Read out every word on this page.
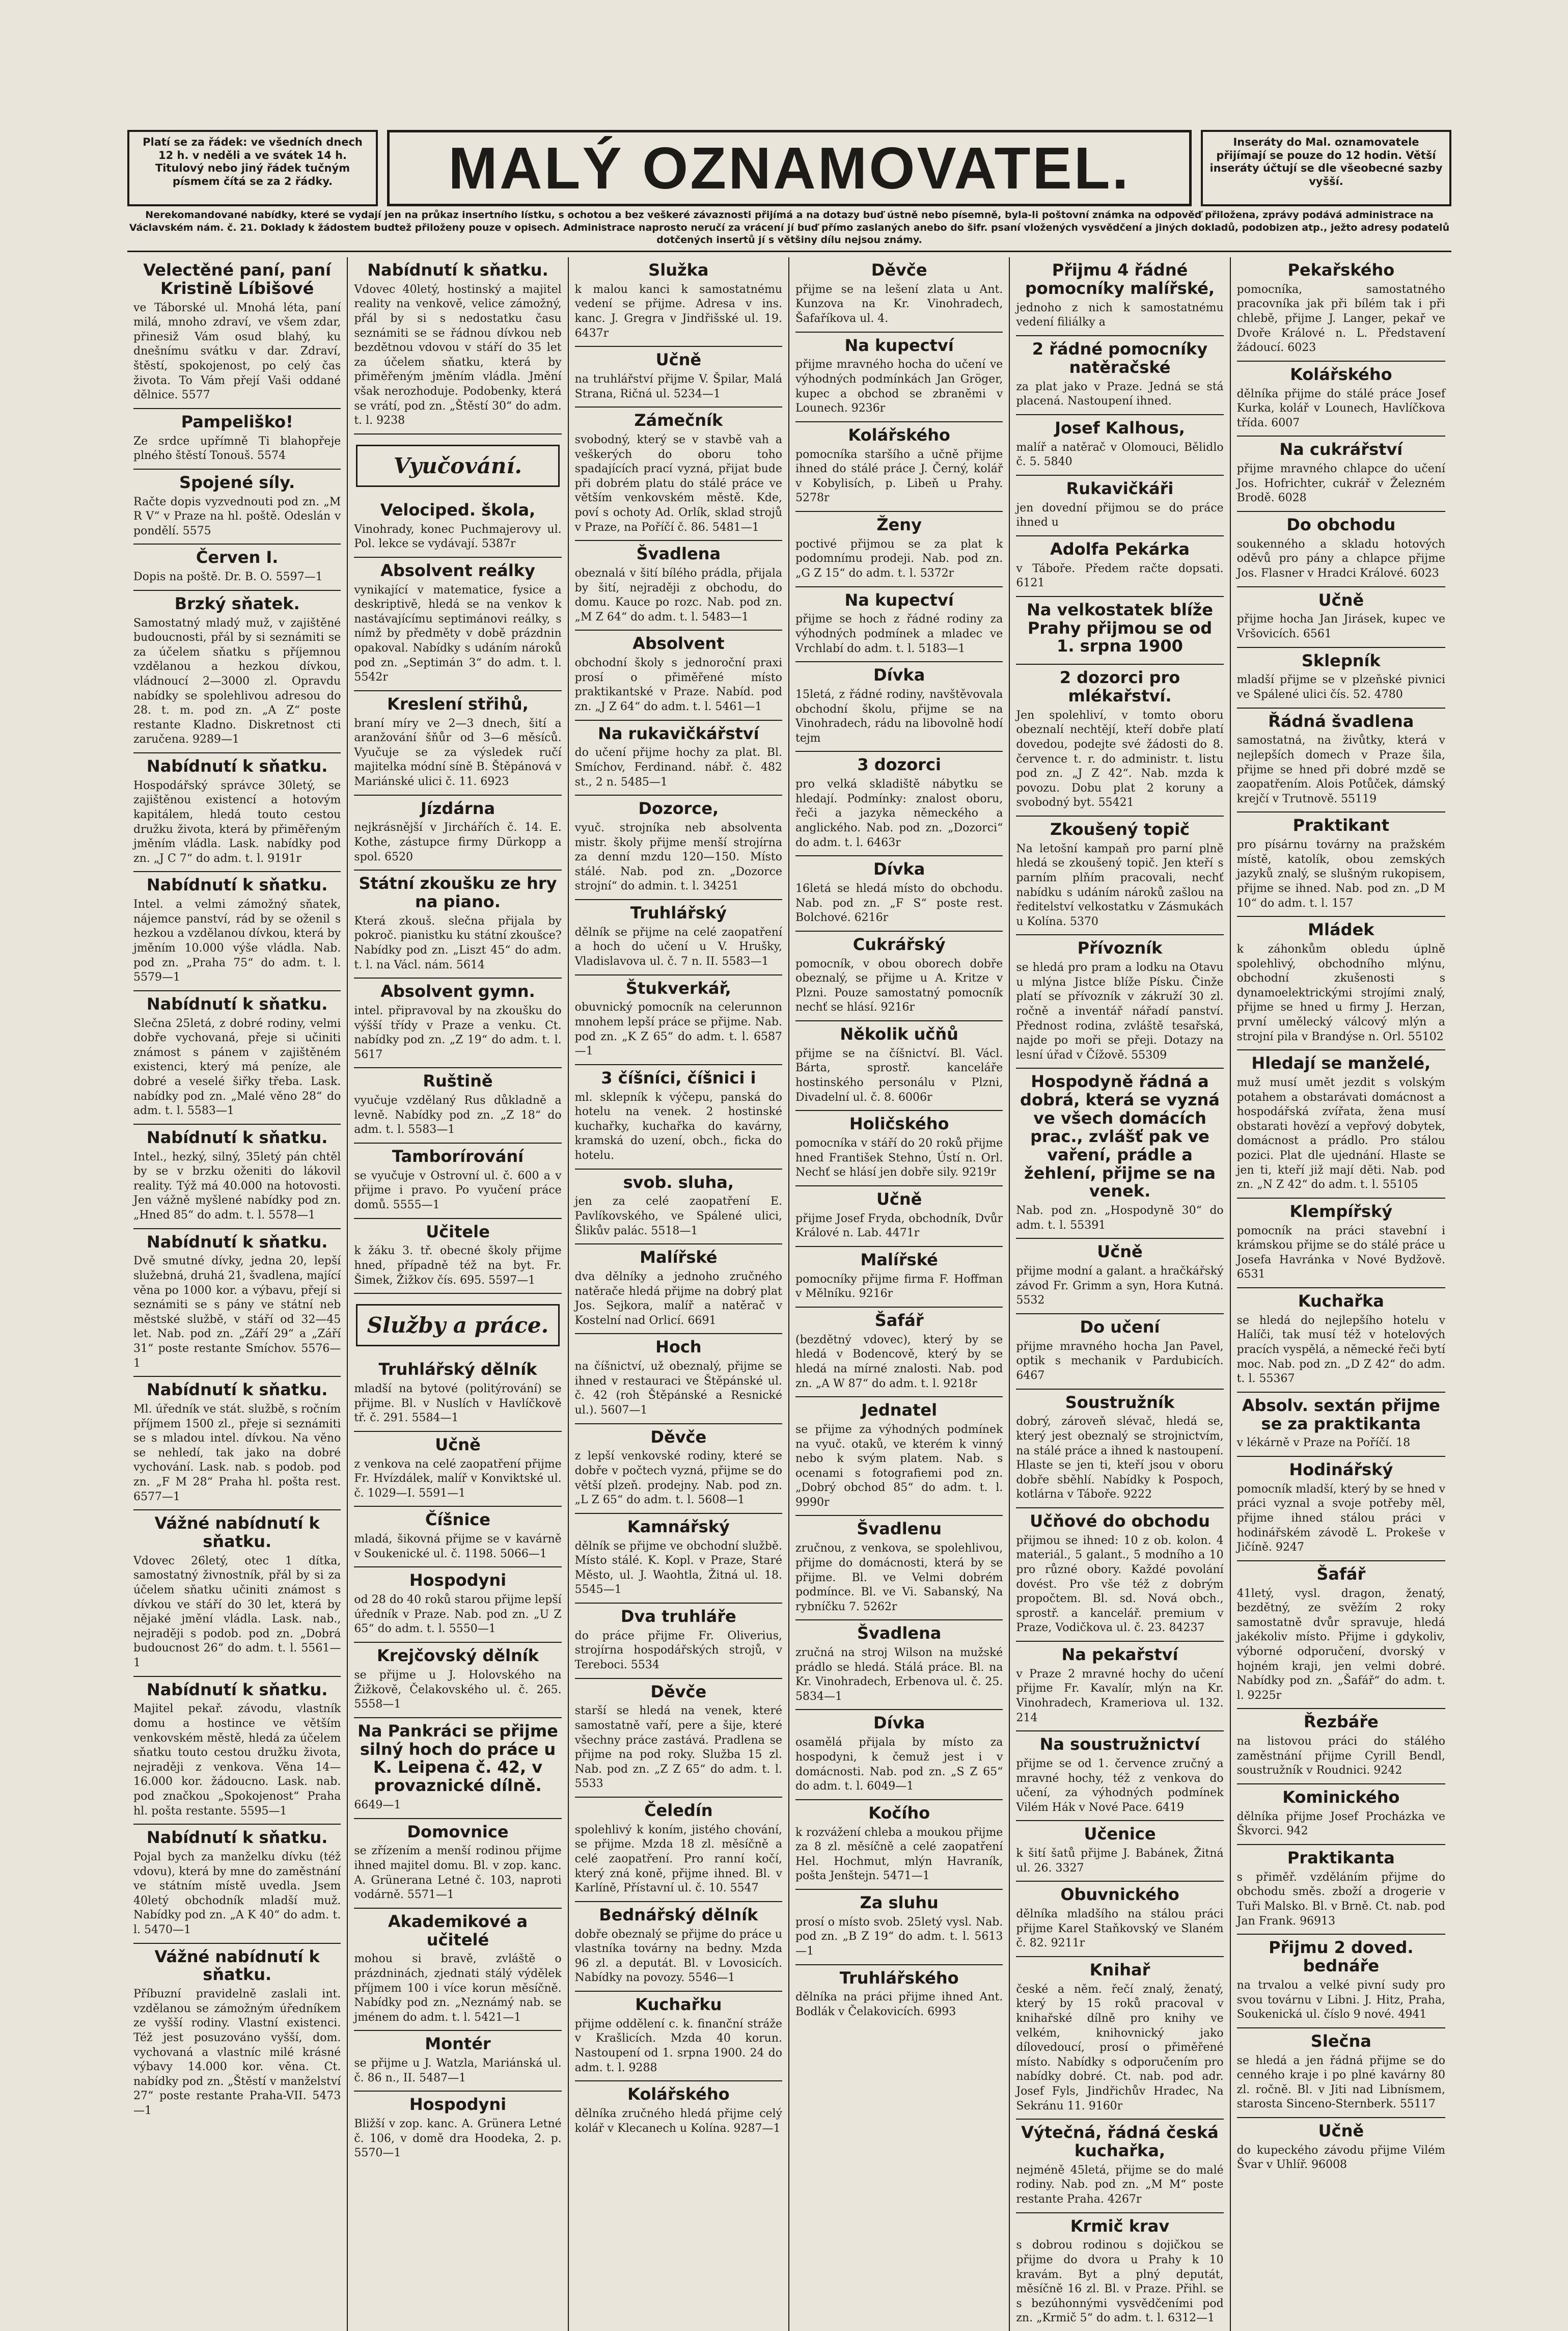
Platí se za řádek: ve všedních dnech 12 h. v neděli a ve svátek 14 h. Titulový nebo jiný řádek tučným písmem čítá se za 2 řádky.	MALÝ OZNAMOVATEL.	Inseráty do Mal. oznamovatele přijímají se pouze do 12 hodin. Větší inseráty účtují se dle všeobecné sazby vyšší.
Nerekomandované nabídky, které se vydají jen na průkaz insertního lístku, s ochotou a bez veškeré závaznosti přijímá a na dotazy buď ústně nebo písemně, byla-li poštovní známka na odpověď přiložena, zprávy podává administrace na Václavském nám. č. 21. Doklady k žádostem budtež přiloženy pouze v opisech. Administrace naprosto neručí za vrácení jí buď přímo zaslaných anebo do šifr. psaní vložených vysvědčení a jiných dokladů, podobizen atp., ježto adresy podatelů dotčených insertů jí s většiny dílu nejsou známy.
Velectěné paní, paní Kristině Líbišové

ve Táborské ul. Mnohá léta, paní milá, mnoho zdraví, ve všem zdar, přinesiž Vám osud blahý, ku dnešnímu svátku v dar. Zdraví, štěstí, spokojenost, po celý čas života. To Vám přejí Vaši oddané dělnice. 5577

Pampeliško!

Ze srdce upřímně Ti blahopřeje plného štěstí Tonouš. 5574

Spojené síly.

Račte dopis vyzvednouti pod zn. „M R V“ v Praze na hl. poště. Odeslán v pondělí. 5575

Červen I.

Dopis na poště. Dr. B. O. 5597—1

Brzký sňatek.

Samostatný mladý muž, v zajištěné budoucnosti, přál by si seznámiti se za účelem sňatku s příjemnou vzdělanou a hezkou dívkou, vládnoucí 2—3000 zl. Opravdu nabídky se spolehlivou adresou do 28. t. m. pod zn. „A Z“ poste restante Kladno. Diskretnost cti zaručena. 9289—1

Nabídnutí k sňatku.

Hospodářský správce 30letý, se zajištěnou existencí a hotovým kapitálem, hledá touto cestou družku života, která by přiměřeným jměním vládla. Lask. nabídky pod zn. „J C 7“ do adm. t. l. 9191r

Nabídnutí k sňatku.

Intel. a velmi zámožný sňatek, nájemce panství, rád by se oženil s hezkou a vzdělanou dívkou, která by jměním 10.000 výše vládla. Nab. pod zn. „Praha 75“ do adm. t. l. 5579—1

Nabídnutí k sňatku.

Slečna 25letá, z dobré rodiny, velmi dobře vychovaná, přeje si učiniti známost s pánem v zajištěném existenci, který má peníze, ale dobré a veselé šiřky třeba. Lask. nabídky pod zn. „Malé věno 28“ do adm. t. l. 5583—1

Nabídnutí k sňatku.

Intel., hezký, silný, 35letý pán chtěl by se v brzku oženiti do lákovil reality. Týž má 40.000 na hotovosti. Jen vážně myšlené nabídky pod zn. „Hned 85“ do adm. t. l. 5578—1

Nabídnutí k sňatku.

Dvě smutné dívky, jedna 20, lepší služebná, druhá 21, švadlena, mající věna po 1000 kor. a výbavu, přejí si seznámiti se s pány ve státní neb městské službě, v stáří od 32—45 let. Nab. pod zn. „Září 29“ a „Září 31“ poste restante Smíchov. 5576—1

Nabídnutí k sňatku.

Ml. úředník ve stát. službě, s ročním příjmem 1500 zl., přeje si seznámiti se s mladou intel. dívkou. Na věno se nehledí, tak jako na dobré vychování. Lask. nab. s podob. pod zn. „F M 28“ Praha hl. pošta rest. 6577—1

Vážné nabídnutí k sňatku.

Vdovec 26letý, otec 1 dítka, samostatný živnostník, přál by si za účelem sňatku učiniti známost s dívkou ve stáří do 30 let, která by nějaké jmění vládla. Lask. nab., nejraději s podob. pod zn. „Dobrá budoucnost 26“ do adm. t. l. 5561—1

Nabídnutí k sňatku.

Majitel pekař. závodu, vlastník domu a hostince ve větším venkovském městě, hledá za účelem sňatku touto cestou družku života, nejraději z venkova. Věna 14—16.000 kor. žádoucno. Lask. nab. pod značkou „Spokojenost“ Praha hl. pošta restante. 5595—1

Nabídnutí k sňatku.

Pojal bych za manželku dívku (též vdovu), která by mne do zaměstnání ve státním místě uvedla. Jsem 40letý obchodník mladší muž. Nabídky pod zn. „A K 40“ do adm. t. l. 5470—1

Vážné nabídnutí k sňatku.

Příbuzní pravidelně zaslali int. vzdělanou se zámožným úředníkem ze vyšší rodiny. Vlastní existenci. Též jest posuzováno vyšší, dom. vychovaná a vlastníc milé krásné výbavy 14.000 kor. věna. Ct. nabídky pod zn. „Štěstí v manželství 27“ poste restante Praha-VII. 5473—1

Nabídnutí k sňatku.

Vdovec 40letý, hostinský a majitel reality na venkově, velice zámožný, přál by si s nedostatku času seznámiti se se řádnou dívkou neb bezdětnou vdovou v stáří do 35 let za účelem sňatku, která by přiměřeným jměním vládla. Jmění však nerozhoduje. Podobenky, která se vrátí, pod zn. „Štěstí 30“ do adm. t. l. 9238

Vyučování.
Velociped. škola,

Vinohrady, konec Puchmajerovy ul. Pol. lekce se vydávají. 5387r

Absolvent reálky

vynikající v matematice, fysice a deskriptivě, hledá se na venkov k nastávajícímu septimánovi reálky, s nímž by předměty v době prázdnin opakoval. Nabídky s udáním nároků pod zn. „Septimán 3“ do adm. t. l. 5542r

Kreslení střihů,

braní míry ve 2—3 dnech, šití a aranžování šňůr od 3—6 měsíců. Vyučuje se za výsledek ručí majitelka módní síně B. Štěpánová v Mariánské ulici č. 11. 6923

Jízdárna

nejkrásnější v Jirchářích č. 14. E. Kothe, zástupce firmy Dürkopp a spol. 6520

Státní zkoušku ze hry na piano.

Která zkouš. slečna přijala by pokroč. pianistku ku státní zkoušce? Nabídky pod zn. „Liszt 45“ do adm. t. l. na Václ. nám. 5614

Absolvent gymn.

intel. připravoval by na zkoušku do výšší třídy v Praze a venku. Ct. nabídky pod zn. „Z 19“ do adm. t. l. 5617

Ruštině

vyučuje vzdělaný Rus důkladně a levně. Nabídky pod zn. „Z 18“ do adm. t. l. 5583—1

Tamborírování

se vyučuje v Ostrovní ul. č. 600 a v přijme i pravo. Po vyučení práce domů. 5555—1

Učitele

k žáku 3. tř. obecné školy přijme hned, případně též na byt. Fr. Šimek, Žižkov čís. 695. 5597—1

Služby a práce.
Truhlářský dělník

mladší na bytové (politýrování) se přijme. Bl. v Nuslích v Havlíčkově tř. č. 291. 5584—1

Učně

z venkova na celé zaopatření přijme Fr. Hvízdálek, malíř v Konviktské ul. č. 1029—I. 5591—1

Číšnice

mladá, šikovná přijme se v kavárně v Soukenické ul. č. 1198. 5066—1

Hospodyni

od 28 do 40 roků starou přijme lepší úředník v Praze. Nab. pod zn. „U Z 65“ do adm. t. l. 5550—1

Krejčovský dělník

se přijme u J. Holovského na Žižkově, Čelakovského ul. č. 265. 5558—1

Na Pankráci se přijme silný hoch do práce u K. Leipena č. 42, v provaznické dílně.

6649—1

Domovnice

se zřízením a menší rodinou přijme ihned majitel domu. Bl. v zop. kanc. A. Grünerana Letné č. 103, naproti vodárně. 5571—1

Akademikové a učitelé

mohou si bravě, zvláště o prázdninách, zjednati stálý výdělek příjmem 100 i více korun měsíčně. Nabídky pod zn. „Neznámý nab. se jménem do adm. t. l. 5421—1

Montér

se přijme u J. Watzla, Mariánská ul. č. 86 n., II. 5487—1

Hospodyni

Bližší v zop. kanc. A. Grünera Letné č. 106, v domě dra Hoodeka, 2. p. 5570—1

Služka

k malou kanci k samostatnému vedení se přijme. Adresa v ins. kanc. J. Gregra v Jindřišské ul. 19. 6437r

Učně

na truhlářství přijme V. Špilar, Malá Strana, Ričná ul. 5234—1

Zámečník

svobodný, který se v stavbě vah a veškerých do oboru toho spadajících prací vyzná, přijat bude při dobrém platu do stálé práce ve větším venkovském městě. Kde, poví s ochoty Ad. Orlík, sklad strojů v Praze, na Poříčí č. 86. 5481—1

Švadlena

obeznalá v šití bílého prádla, přijala by šití, nejraději z obchodu, do domu. Kauce po rozc. Nab. pod zn. „M Z 64“ do adm. t. l. 5483—1

Absolvent

obchodní školy s jednoroční praxi prosí o přiměřené místo praktikantské v Praze. Nabíd. pod zn. „J Z 64“ do adm. t. l. 5461—1

Na rukavičkářství

do učení přijme hochy za plat. Bl. Smíchov, Ferdinand. nábř. č. 482 st., 2 n. 5485—1

Dozorce,

vyuč. strojníka neb absolventa mistr. školy přijme menší strojírna za denní mzdu 120—150. Místo stálé. Nab. pod zn. „Dozorce strojní“ do admin. t. l. 34251

Truhlářský

dělník se přijme na celé zaopatření a hoch do učení u V. Hrušky, Vladislavova ul. č. 7 n. II. 5583—1

Štukverkář,

obuvnický pomocník na celerunnon mnohem lepší práce se přijme. Nab. pod zn. „K Z 65“ do adm. t. l. 6587—1

3 číšníci, číšnici i

ml. sklepník k výčepu, panská do hotelu na venek. 2 hostinské kuchařky, kuchařka do kavárny, kramská do uzení, obch., ficka do hotelu.

svob. sluha,

jen za celé zaopatření E. Pavlíkovského, ve Spálené ulici, Šlikův palác. 5518—1

Malířské

dva dělníky a jednoho zručného natěrače hledá přijme na dobrý plat Jos. Sejkora, malíř a natěrač v Kostelní nad Orlicí. 6691

Hoch

na číšnictví, už obeznalý, přijme se ihned v restauraci ve Štěpánské ul. č. 42 (roh Štěpánské a Resnické ul.). 5607—1

Děvče

z lepší venkovské rodiny, které se dobře v počtech vyzná, přijme se do větší plzeň. prodejny. Nab. pod zn. „L Z 65“ do adm. t. l. 5608—1

Kamnářský

dělník se přijme ve obchodní službě. Místo stálé. K. Kopl. v Praze, Staré Město, ul. J. Waohtla, Žitná ul. 18. 5545—1

Dva truhláře

do práce přijme Fr. Oliverius, strojírna hospodářských strojů, v Tereboci. 5534

Děvče

starší se hledá na venek, které samostatně vaří, pere a šije, které všechny práce zastává. Pradlena se přijme na pod roky. Služba 15 zl. Nab. pod zn. „Z Z 65“ do adm. t. l. 5533

Čeledín

spolehlivý k koním, jistého chování, se přijme. Mzda 18 zl. měsíčně a celé zaopatření. Pro ranní kočí, který zná koně, přijme ihned. Bl. v Karlíně, Přístavní ul. č. 10. 5547

Bednářský dělník

dobře obeznalý se přijme do práce u vlastníka továrny na bedny. Mzda 96 zl. a deputát. Bl. v Lovosicích. Nabídky na povozy. 5546—1

Kuchařku

přijme oddělení c. k. finanční stráže v Krašlicích. Mzda 40 korun. Nastoupení od 1. srpna 1900. 24 do adm. t. l. 9288

Kolářského

dělníka zručného hledá přijme celý kolář v Klecanech u Kolína. 9287—1

Děvče

přijme se na lešení zlata u Ant. Kunzova na Kr. Vinohradech, Šafaříkova ul. 4.

Na kupectví

přijme mravného hocha do učení ve výhodných podmínkách Jan Gröger, kupec a obchod se zbraněmi v Lounech. 9236r

Kolářského

pomocníka staršího a učně přijme ihned do stálé práce J. Černý, kolář v Kobylisích, p. Libeň u Prahy. 5278r

Ženy

poctivé přijmou se za plat k podomnímu prodeji. Nab. pod zn. „G Z 15“ do adm. t. l. 5372r

Na kupectví

přijme se hoch z řádné rodiny za výhodných podmínek a mladec ve Vrchlabí do adm. t. l. 5183—1

Dívka

15letá, z řádné rodiny, navštěvovala obchodní školu, přijme se na Vinohradech, rádu na libovolně hodí tejm

3 dozorci

pro velká skladiště nábytku se hledají. Podmínky: znalost oboru, řeči a jazyka německého a anglického. Nab. pod zn. „Dozorci“ do adm. t. l. 6463r

Dívka

16letá se hledá místo do obchodu. Nab. pod zn. „F S“ poste rest. Bolchové. 6216r

Cukrářský

pomocník, v obou oborech dobře obeznalý, se přijme u A. Kritze v Plzni. Pouze samostatný pomocník nechť se hlásí. 9216r

Několik učňů

přijme se na číšnictví. Bl. Václ. Bárta, sprostř. kanceláře hostinského personálu v Plzni, Divadelní ul. č. 8. 6006r

Holičského

pomocníka v stáří do 20 roků přijme hned František Stehno, Ústí n. Orl. Nechť se hlásí jen dobře sily. 9219r

Učně

přijme Josef Fryda, obchodník, Dvůr Králové n. Lab. 4471r

Malířské

pomocníky přijme firma F. Hoffman v Mělníku. 9216r

Šafář

(bezdětný vdovec), který by se hledá v Bodencově, který by se hledá na mírné znalosti. Nab. pod zn. „A W 87“ do adm. t. l. 9218r

Jednatel

se přijme za výhodných podmínek na vyuč. otaků, ve kterém k vinný nebo k svým platem. Nab. s ocenami s fotografiemi pod zn. „Dobrý obchod 85“ do adm. t. l. 9990r

Švadlenu

zručnou, z venkova, se spolehlivou, přijme do domácnosti, která by se přijme. Bl. ve Velmi dobrém podmínce. Bl. ve Vi. Sabanský, Na rybníčku 7. 5262r

Švadlena

zručná na stroj Wilson na mužské prádlo se hledá. Stálá práce. Bl. na Kr. Vinohradech, Erbenova ul. č. 25. 5834—1

Dívka

osamělá přijala by místo za hospodyni, k čemuž jest i v domácnosti. Nab. pod zn. „S Z 65“ do adm. t. l. 6049—1

Kočího

k rozvážení chleba a moukou přijme za 8 zl. měsíčně a celé zaopatření Hel. Hochmut, mlýn Havraník, pošta Jenštejn. 5471—1

Za sluhu

prosí o místo svob. 25letý vysl. Nab. pod zn. „B Z 19“ do adm. t. l. 5613—1

Truhlářského

dělníka na práci přijme ihned Ant. Bodlák v Čelakovicích. 6993

Přijmu 4 řádné pomocníky malířské,

jednoho z nich k samostatnému vedení filiálky a

2 řádné pomocníky natěračské

za plat jako v Praze. Jedná se stá placená. Nastoupení ihned.

Josef Kalhous,

malíř a natěrač v Olomouci, Bělidlo č. 5. 5840

Rukavičkáři

jen dovední přijmou se do práce ihned u

Adolfa Pekárka

v Táboře. Předem račte dopsati. 6121

Na velkostatek blíže Prahy přijmou se od 1. srpna 1900
2 dozorci pro mlékařství.

Jen spolehliví, v tomto oboru obeznalí nechtějí, kteří dobře platí dovedou, podejte své žádosti do 8. července t. r. do administr. t. listu pod zn. „J Z 42“. Nab. mzda k povozu. Dobu plat 2 koruny a svobodný byt. 55421

Zkoušený topič

Na letošní kampaň pro parní plně hledá se zkoušený topič. Jen kteří s parním plňím pracovali, nechť nabídku s udáním nároků zašlou na ředitelství velkostatku v Zásmukách u Kolína. 5370

Přívozník

se hledá pro pram a lodku na Otavu u mlýna Jistce blíže Písku. Činže platí se přívozník v zákruží 30 zl. ročně a inventář nářadí panství. Přednost rodina, zvláště tesařská, najde po moři se přeji. Dotazy na lesní úřad v Čížově. 55309

Hospodyně řádná a dobrá, která se vyzná ve všech domácích prac., zvlášť pak ve vaření, prádle a žehlení, přijme se na venek.

Nab. pod zn. „Hospodyně 30“ do adm. t. l. 55391

Učně

přijme modní a galant. a hračkářský závod Fr. Grimm a syn, Hora Kutná. 5532

Do učení

přijme mravného hocha Jan Pavel, optik s mechanik v Pardubicích. 6467

Soustružník

dobrý, zároveň slévač, hledá se, který jest obeznalý se strojnictvím, na stálé práce a ihned k nastoupení. Hlaste se jen ti, kteří jsou v oboru dobře sběhlí. Nabídky k Pospoch, kotlárna v Táboře. 9222

Učňové do obchodu

přijmou se ihned: 10 z ob. kolon. 4 materiál., 5 galant., 5 modního a 10 pro různé obory. Každé povolání dovést. Pro vše též z dobrým propočtem. Bl. sd. Nová obch., sprostř. a kancelář. premium v Praze, Vodičkova ul. č. 23. 84237

Na pekařství

v Praze 2 mravné hochy do učení přijme Fr. Kavalír, mlýn na Kr. Vinohradech, Krameriova ul. 132. 214

Na soustružnictví

přijme se od 1. července zručný a mravné hochy, též z venkova do učení, za výhodných podmínek Vilém Hák v Nové Pace. 6419

Učenice

k šití šatů přijme J. Babánek, Žitná ul. 26. 3327

Obuvnického

dělníka mladšího na stálou práci přijme Karel Staňkovský ve Slaném č. 82. 9211r

Knihař

české a něm. řečí znalý, ženatý, který by 15 roků pracoval v knihařské dílně pro knihy ve velkém, knihovnický jako dílovedoucí, prosí o přiměřené místo. Nabídky s odporučením pro nabídky dobré. Ct. nab. pod adr. Josef Fyls, Jindřichův Hradec, Na Sekránu 11. 9160r

Výtečná, řádná česká kuchařka,

nejméně 45letá, přijme se do malé rodiny. Nab. pod zn. „M M“ poste restante Praha. 4267r

Krmič krav

s dobrou rodinou s dojičkou se přijme do dvora u Prahy k 10 kravám. Byt a plný deputát, měsíčně 16 zl. Bl. v Praze. Přihl. se s bezúhonnými vysvědčeními pod zn. „Krmič 5“ do adm. t. l. 6312—1

Pekařského

pomocníka, samostatného pracovníka jak při bílém tak i při chlebě, přijme J. Langer, pekař ve Dvoře Králové n. L. Představení žádoucí. 6023

Kolářského

dělníka přijme do stálé práce Josef Kurka, kolář v Lounech, Havlíčkova třída. 6007

Na cukrářství

přijme mravného chlapce do učení Jos. Hofrichter, cukrář v Železném Brodě. 6028

Do obchodu

soukenného a skladu hotových oděvů pro pány a chlapce přijme Jos. Flasner v Hradci Králové. 6023

Učně

přijme hocha Jan Jirásek, kupec ve Vršovicích. 6561

Sklepník

mladší přijme se v plzeňské pivnici ve Spálené ulici čís. 52. 4780

Řádná švadlena

samostatná, na živůtky, která v nejlepších domech v Praze šila, přijme se hned při dobré mzdě se zaopatřením. Alois Potůček, dámský krejčí v Trutnově. 55119

Praktikant

pro písárnu továrny na pražském místě, katolík, obou zemských jazyků znalý, se slušným rukopisem, přijme se ihned. Nab. pod zn. „D M 10“ do adm. t. l. 157

Mládek

k záhonkům obledu úplně spolehlivý, obchodního mlýnu, obchodní zkušenosti s dynamoelektrickými strojími znalý, přijme se hned u firmy J. Herzan, první umělecký válcový mlýn a strojní pila v Brandýse n. Orl. 55102

Hledají se manželé,

muž musí umět jezdit s volským potahem a obstarávati domácnost a hospodářská zvířata, žena musí obstarati hovězí a vepřový dobytek, domácnost a prádlo. Pro stálou pozici. Plat dle ujednání. Hlaste se jen ti, kteří již mají děti. Nab. pod zn. „N Z 42“ do adm. t. l. 55105

Klempířský

pomocník na práci stavební i krámskou přijme se do stálé práce u Josefa Havránka v Nové Bydžově. 6531

Kuchařka

se hledá do nejlepšího hotelu v Halíči, tak musí též v hotelových pracích vyspělá, a německé řeči bytí moc. Nab. pod zn. „D Z 42“ do adm. t. l. 55367

Absolv. sextán přijme se za praktikanta

v lékárně v Praze na Poříčí. 18

Hodinářský

pomocník mladší, který by se hned v práci vyznal a svoje potřeby měl, přijme ihned stálou práci v hodinářském závodě L. Prokeše v Jičíně. 9247

Šafář

41letý, vysl. dragon, ženatý, bezdětný, ze svěžím 2 roky samostatně dvůr spravuje, hledá jakékoliv místo. Přijme i gdykoliv, výborné odporučení, dvorský v hojném kraji, jen velmi dobré. Nabídky pod zn. „Šafář“ do adm. t. l. 9225r

Řezbáře

na listovou práci do stálého zaměstnání přijme Cyrill Bendl, soustružník v Roudnici. 9242

Kominického

dělníka přijme Josef Procházka ve Škvorci. 942

Praktikanta

s přiměř. vzděláním přijme do obchodu směs. zboží a drogerie v Tuři Malsko. Bl. v Brně. Ct. nab. pod Jan Frank. 96913

Přijmu 2 doved. bednáře

na trvalou a velké pivní sudy pro svou továrnu v Libni. J. Hitz, Praha, Soukenická ul. číslo 9 nové. 4941

Slečna

se hledá a jen řádná přijme se do cenného kraje i po plné kavárny 80 zl. ročně. Bl. v Jiti nad Libnísmem, starosta Sinceno-Sternberk. 55117

Učně

do kupeckého závodu přijme Vilém Švar v Uhlíř. 96008
